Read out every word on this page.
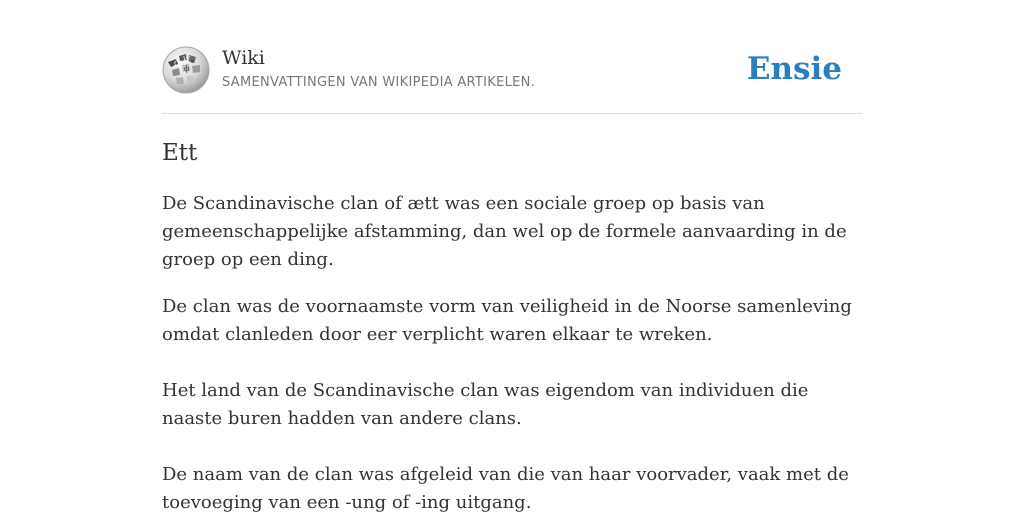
Ω W и
ф Wiki

SAMENVATTINGEN VAN WIKIPEDIA ARTIKELEN.	Ensie

Ett

De Scandinavische clan of ætt was een sociale groep op basis van gemeenschappelijke afstamming, dan wel op de formele aanvaarding in de groep op een ding.

De clan was de voornaamste vorm van veiligheid in de Noorse samenleving omdat clanleden door eer verplicht waren elkaar te wreken.

Het land van de Scandinavische clan was eigendom van individuen die naaste buren hadden van andere clans.

De naam van de clan was afgeleid van die van haar voorvader, vaak met de toevoeging van een -ung of -ing uitgang.
